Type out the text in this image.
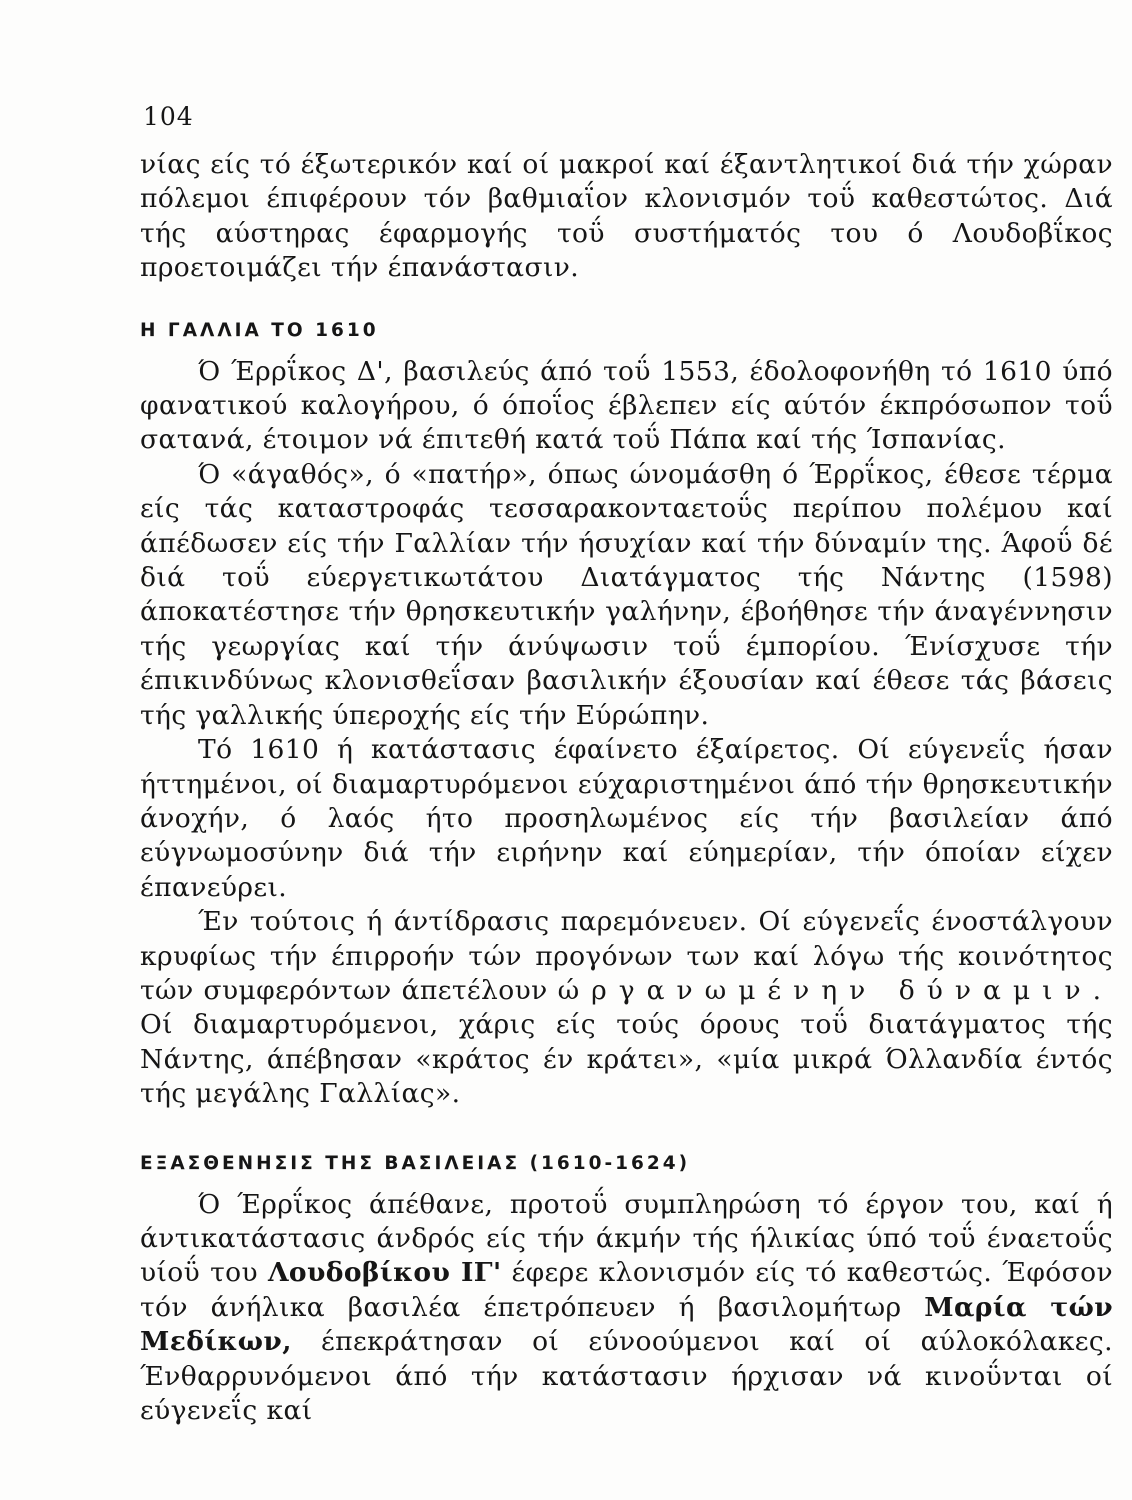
104

νίας είς τό έξωτερικόν καί οί μακροί καί έξαντλητικοί διά τήν χώραν πόλεμοι έπιφέρουν τόν βαθμιαΐον κλονισμόν τοΰ καθεστώτος. Διά τής αύστηρας έφαρμογής τοΰ συστήματός του ό Λουδοβΐκος προετοιμάζει τήν έπανάστασιν.

Η ΓΑΛΛΙΑ ΤΟ 1610

Ό Έρρΐκος Δ', βασιλεύς άπό τοΰ 1553, έδολοφονήθη τό 1610 ύπό φανατικού καλογήρου, ό όποΐος έβλεπεν είς αύτόν έκπρόσωπον τοΰ σατανά, έτοιμον νά έπιτεθή κατά τοΰ Πάπα καί τής Ίσπανίας.

Ό «άγαθός», ό «πατήρ», όπως ώνομάσθη ό Έρρΐκος, έθεσε τέρμα είς τάς καταστροφάς τεσσαρακονταετοΰς περίπου πολέμου καί άπέδωσεν είς τήν Γαλλίαν τήν ήσυχίαν καί τήν δύναμίν της. Άφοΰ δέ διά τοΰ εύεργετικωτάτου Διατάγματος τής Νάντης (1598) άποκατέστησε τήν θρησκευτικήν γαλήνην, έβοήθησε τήν άναγέννησιν τής γεωργίας καί τήν άνύψωσιν τοΰ έμπορίου. Ένίσχυσε τήν έπικινδύνως κλονισθεΐσαν βασιλικήν έξουσίαν καί έθεσε τάς βάσεις τής γαλλικής ύπεροχής είς τήν Εύρώπην.

Τό 1610 ή κατάστασις έφαίνετο έξαίρετος. Οί εύγενεΐς ήσαν ήττημένοι, οί διαμαρτυρόμενοι εύχαριστημένοι άπό τήν θρησκευτικήν άνοχήν, ό λαός ήτο προσηλωμένος είς τήν βασιλείαν άπό εύγνωμοσύνην διά τήν ειρήνην καί εύημερίαν, τήν όποίαν είχεν έπανεύρει.

Έν τούτοις ή άντίδρασις παρεμόνευεν. Οί εύγενεΐς ένοστάλγουν κρυφίως τήν έπιρροήν τών προγόνων των καί λόγω τής κοινότητος τών συμφερόντων άπετέλουν ώργανωμένην δύναμιν. Οί διαμαρτυρόμενοι, χάρις είς τούς όρους τοΰ διατάγματος τής Νάντης, άπέβησαν «κράτος έν κράτει», «μία μικρά Όλλανδία έντός τής μεγάλης Γαλλίας».

ΕΞΑΣΘΕΝΗΣΙΣ ΤΗΣ ΒΑΣΙΛΕΙΑΣ (1610-1624)

Ό Έρρΐκος άπέθανε, προτοΰ συμπληρώση τό έργον του, καί ή άντικατάστασις άνδρός είς τήν άκμήν τής ήλικίας ύπό τοΰ έναετοΰς υίοΰ του Λουδοβίκου ΙΓ' έφερε κλονισμόν είς τό καθεστώς. Έφόσον τόν άνήλικα βασιλέα έπετρόπευεν ή βασιλομήτωρ Μαρία τών Μεδίκων, έπεκράτησαν οί εύνοούμενοι καί οί αύλοκόλακες. Ένθαρρυνόμενοι άπό τήν κατάστασιν ήρχισαν νά κινοΰνται οί εύγενεΐς καί
